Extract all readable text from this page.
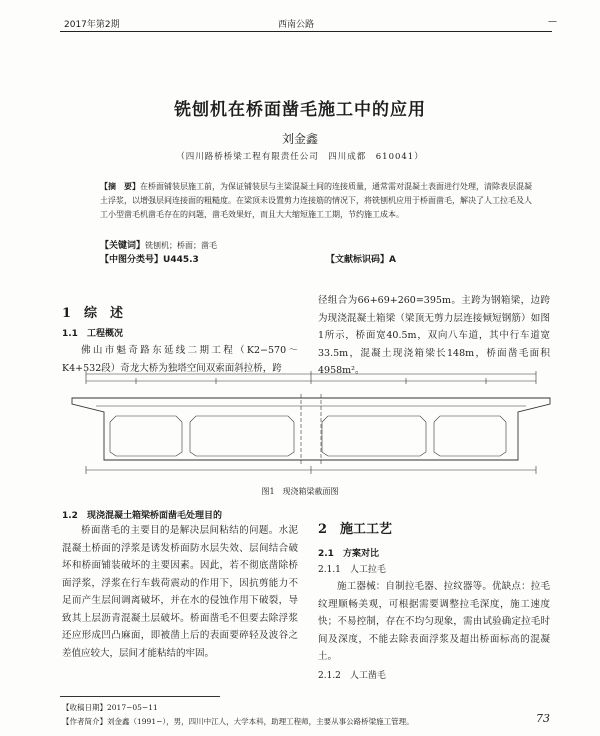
2017年第2期	西南公路	—
铣刨机在桥面凿毛施工中的应用
刘金鑫
（四川路桥桥梁工程有限责任公司　四川成都　610041）
【摘　要】在桥面铺装层施工前，为保证铺装层与主梁混凝土间的连接质量，通常需对混凝土表面进行处理，清除表层混凝土浮浆，以增强层间连接面的粗糙度。在梁顶未设置剪力连接筋的情况下，将铣刨机应用于桥面凿毛，解决了人工拉毛及人工小型凿毛机凿毛存在的问题，凿毛效果好，而且大大缩短施工工期，节约施工成本。
【关键词】铣刨机；桥面；凿毛
【中图分类号】U445.3	【文献标识码】A
1　综　述
1.1　工程概况
佛山市魁奇路东延线二期工程（K2−570～K4+532段）奇龙大桥为独塔空间双索面斜拉桥，跨
径组合为66+69+260=395m。主跨为钢箱梁，边跨为现浇混凝土箱梁（梁顶无剪力层连接倾短钢筋）如图1所示，桥面宽40.5m，双向八车道，其中行车道宽33.5m，混凝土现浇箱梁长148m，桥面凿毛面积4958m²。
图1　现浇箱梁截面图
1.2　现浇混凝土箱梁桥面凿毛处理目的
桥面凿毛的主要目的是解决层间粘结的问题。水泥混凝土桥面的浮浆是诱发桥面防水层失效、层间结合破坏和桥面铺装破坏的主要因素。因此，若不彻底凿除桥面浮浆，浮浆在行车载荷震动的作用下，因抗剪能力不足而产生层间调离破坏，并在水的侵蚀作用下破裂，导致其上层沥青混凝土层破坏。桥面凿毛不但要去除浮浆还应形成凹凸麻面，即被凿上后的表面要碎轻及波谷之差值应较大，层间才能粘结的牢固。
2　施工工艺
2.1　方案对比
2.1.1　人工拉毛
施工器械：自制拉毛器、拉纹器等。优缺点：拉毛纹理顺畅美观，可根据需要调整拉毛深度，施工速度快；不易控制，存在不均匀现象，需由试验确定拉毛时间及深度，不能去除表面浮浆及超出桥面标高的混凝土。
2.1.2　人工凿毛
【收稿日期】2017−05−11
【作者简介】刘金鑫（1991−），男，四川中江人，大学本科，助理工程师，主要从事公路桥梁施工管理。	73
